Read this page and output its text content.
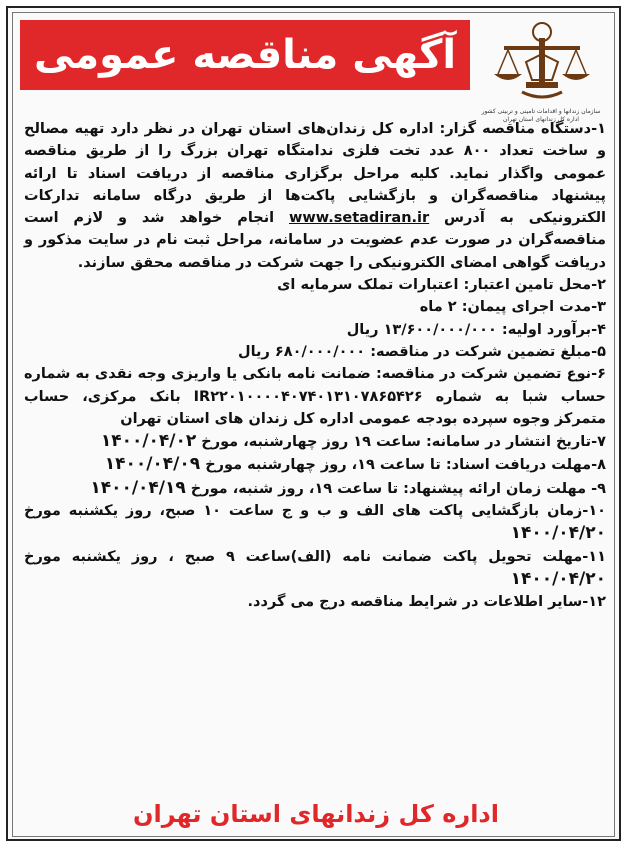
آگهی مناقصه عمومی
سازمان زندانها و اقدامات تامینی و تربیتی کشور
اداره کل زندانهای استان تهران

۱-دستگاه مناقصه گزار: اداره کل زندان‌های استان تهران در نظر دارد تهیه مصالح و ساخت تعداد ۸۰۰ عدد تخت فلزی ندامتگاه تهران بزرگ را از طریق مناقصه عمومی واگذار نماید. کلیه مراحل برگزاری مناقصه از دریافت اسناد تا ارائه پیشنهاد مناقصه‌گران و بازگشایی پاکت‌ها از طریق درگاه سامانه تدارکات الکترونیکی به آدرس www.setadiran.ir انجام خواهد شد و لازم است مناقصه‌گران در صورت عدم عضویت در سامانه، مراحل ثبت نام در سایت مذکور و دریافت گواهی امضای الکترونیکی را جهت شرکت در مناقصه محقق سازند.

۲-محل تامین اعتبار: اعتبارات تملک سرمایه ای

۳-مدت اجرای پیمان: ۲ ماه

۴-برآورد اولیه: ۱۳/۶۰۰/۰۰۰/۰۰۰ ریال

۵-مبلغ تضمین شرکت در مناقصه: ۶۸۰/۰۰۰/۰۰۰ ریال

۶-نوع تضمین شرکت در مناقصه: ضمانت نامه بانکی یا واریزی وجه نقدی به شماره حساب شبا به شماره IR۲۲۰۱۰۰۰۰۴۰۷۴۰۱۳۱۰۷۸۶۵۴۲۶ بانک مرکزی، حساب متمرکز وجوه سپرده بودجه عمومی اداره کل زندان های استان تهران

۷-تاریخ انتشار در سامانه: ساعت ۱۹ روز چهارشنبه، مورخ ۱۴۰۰/۰۴/۰۲

۸-مهلت دریافت اسناد: تا ساعت ۱۹، روز چهارشنبه مورخ ۱۴۰۰/۰۴/۰۹

۹- مهلت زمان ارائه پیشنهاد: تا ساعت ۱۹، روز شنبه، مورخ ۱۴۰۰/۰۴/۱۹

۱۰-زمان بازگشایی پاکت های الف و ب و ج ساعت ۱۰ صبح، روز یکشنبه مورخ ۱۴۰۰/۰۴/۲۰

۱۱-مهلت تحویل پاکت ضمانت نامه (الف)ساعت ۹ صبح ، روز یکشنبه مورخ ۱۴۰۰/۰۴/۲۰

۱۲-سایر اطلاعات در شرایط مناقصه درج می گردد.

اداره کل زندانهای استان تهران
